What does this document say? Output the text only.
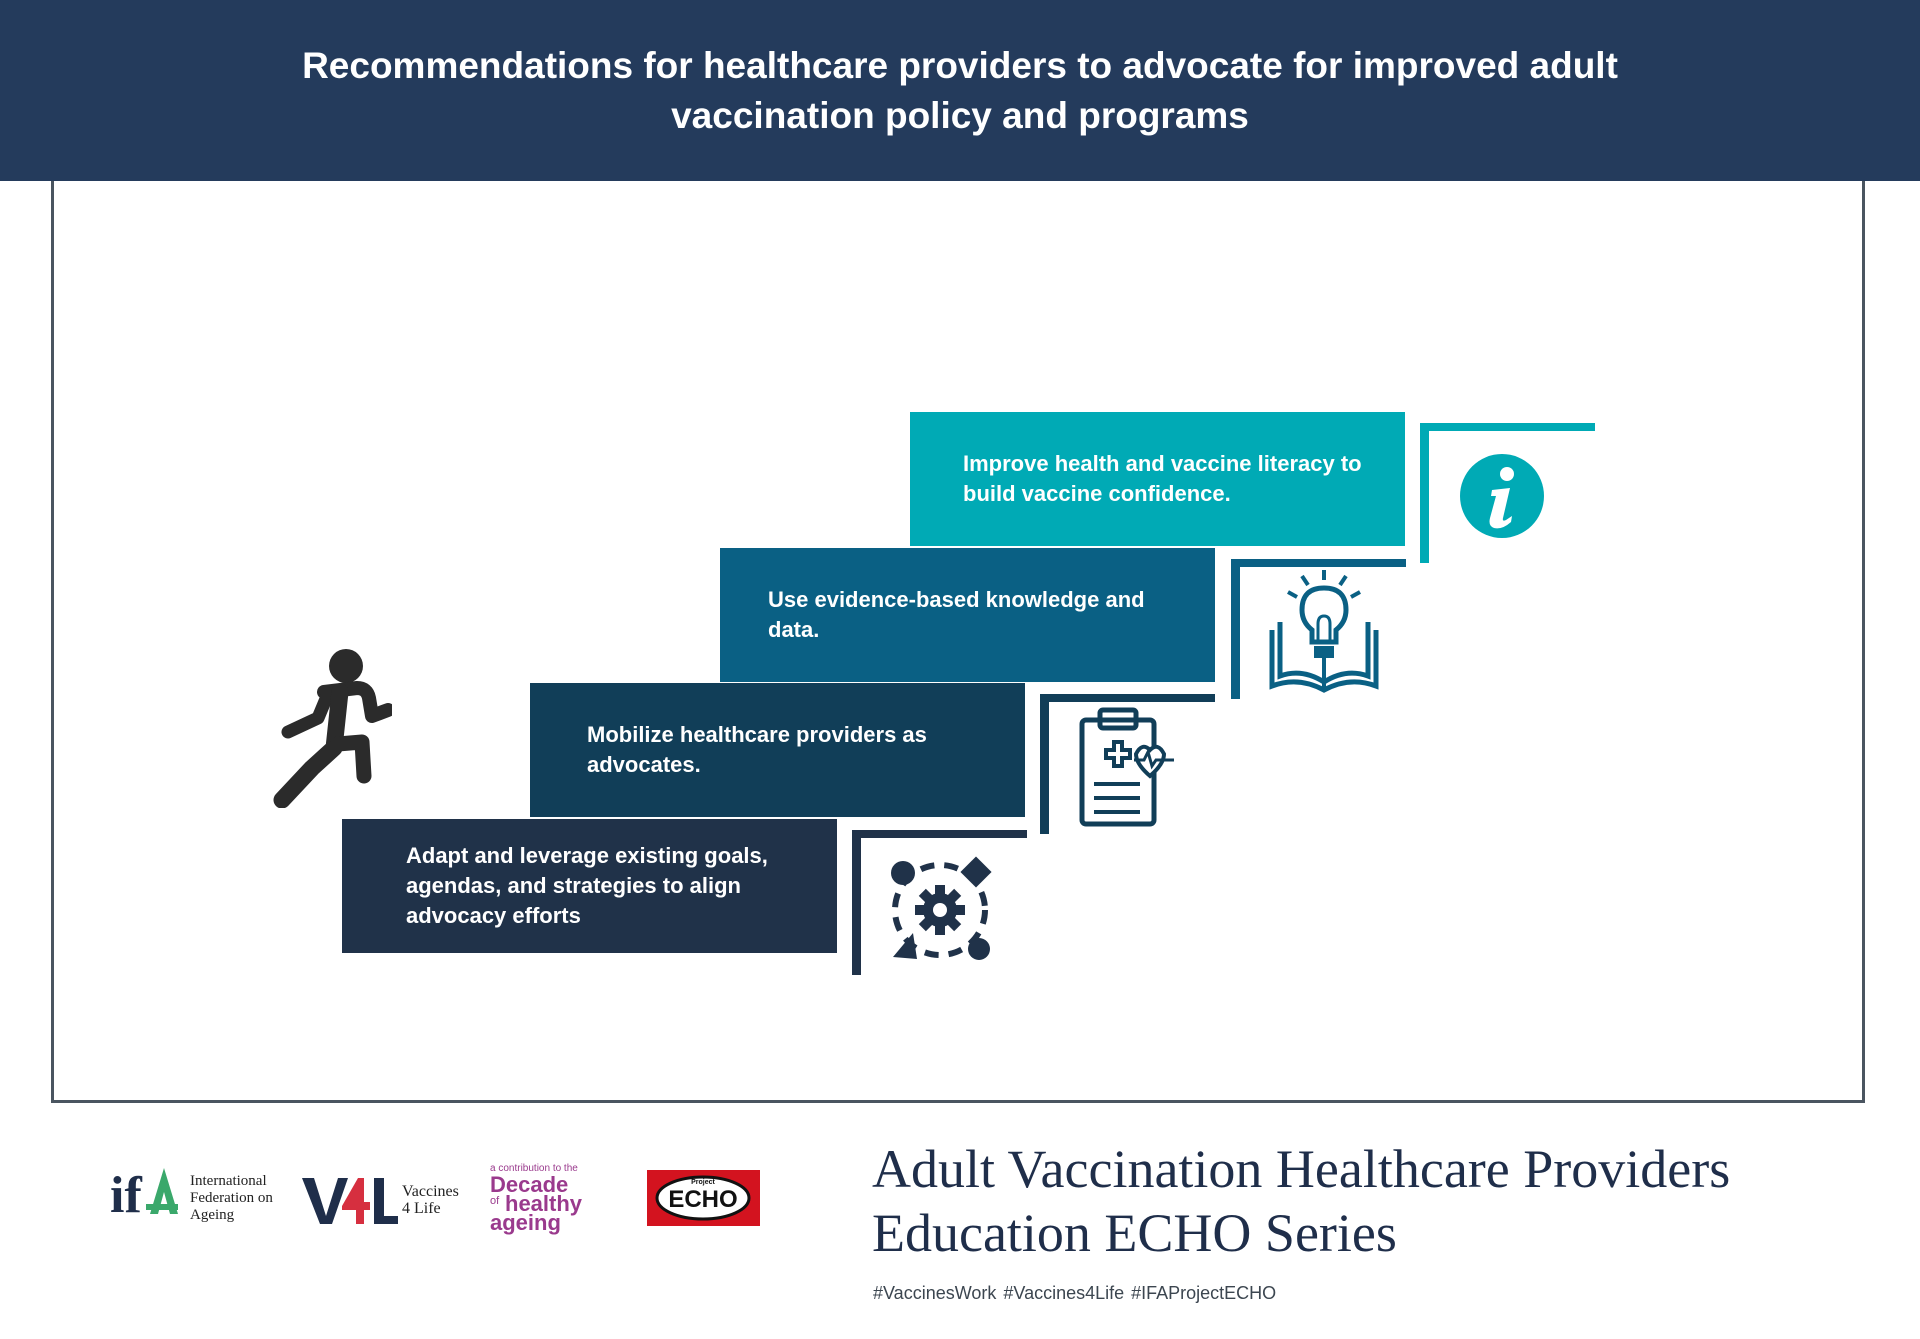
Recommendations for healthcare providers to advocate for improved adult vaccination policy and programs
Adapt and leverage existing goals, agendas, and strategies to align advocacy efforts
Mobilize healthcare providers as advocates.
Use evidence-based knowledge and data.
Improve health and vaccine literacy to build vaccine confidence.
if	International
Federation on
Ageing
Vaccines
4 Life
a contribution to the
Decade
of healthy
ageing
Project
ECHO
Adult Vaccination Healthcare Providers Education ECHO Series
#VaccinesWork #Vaccines4Life #IFAProjectECHO
